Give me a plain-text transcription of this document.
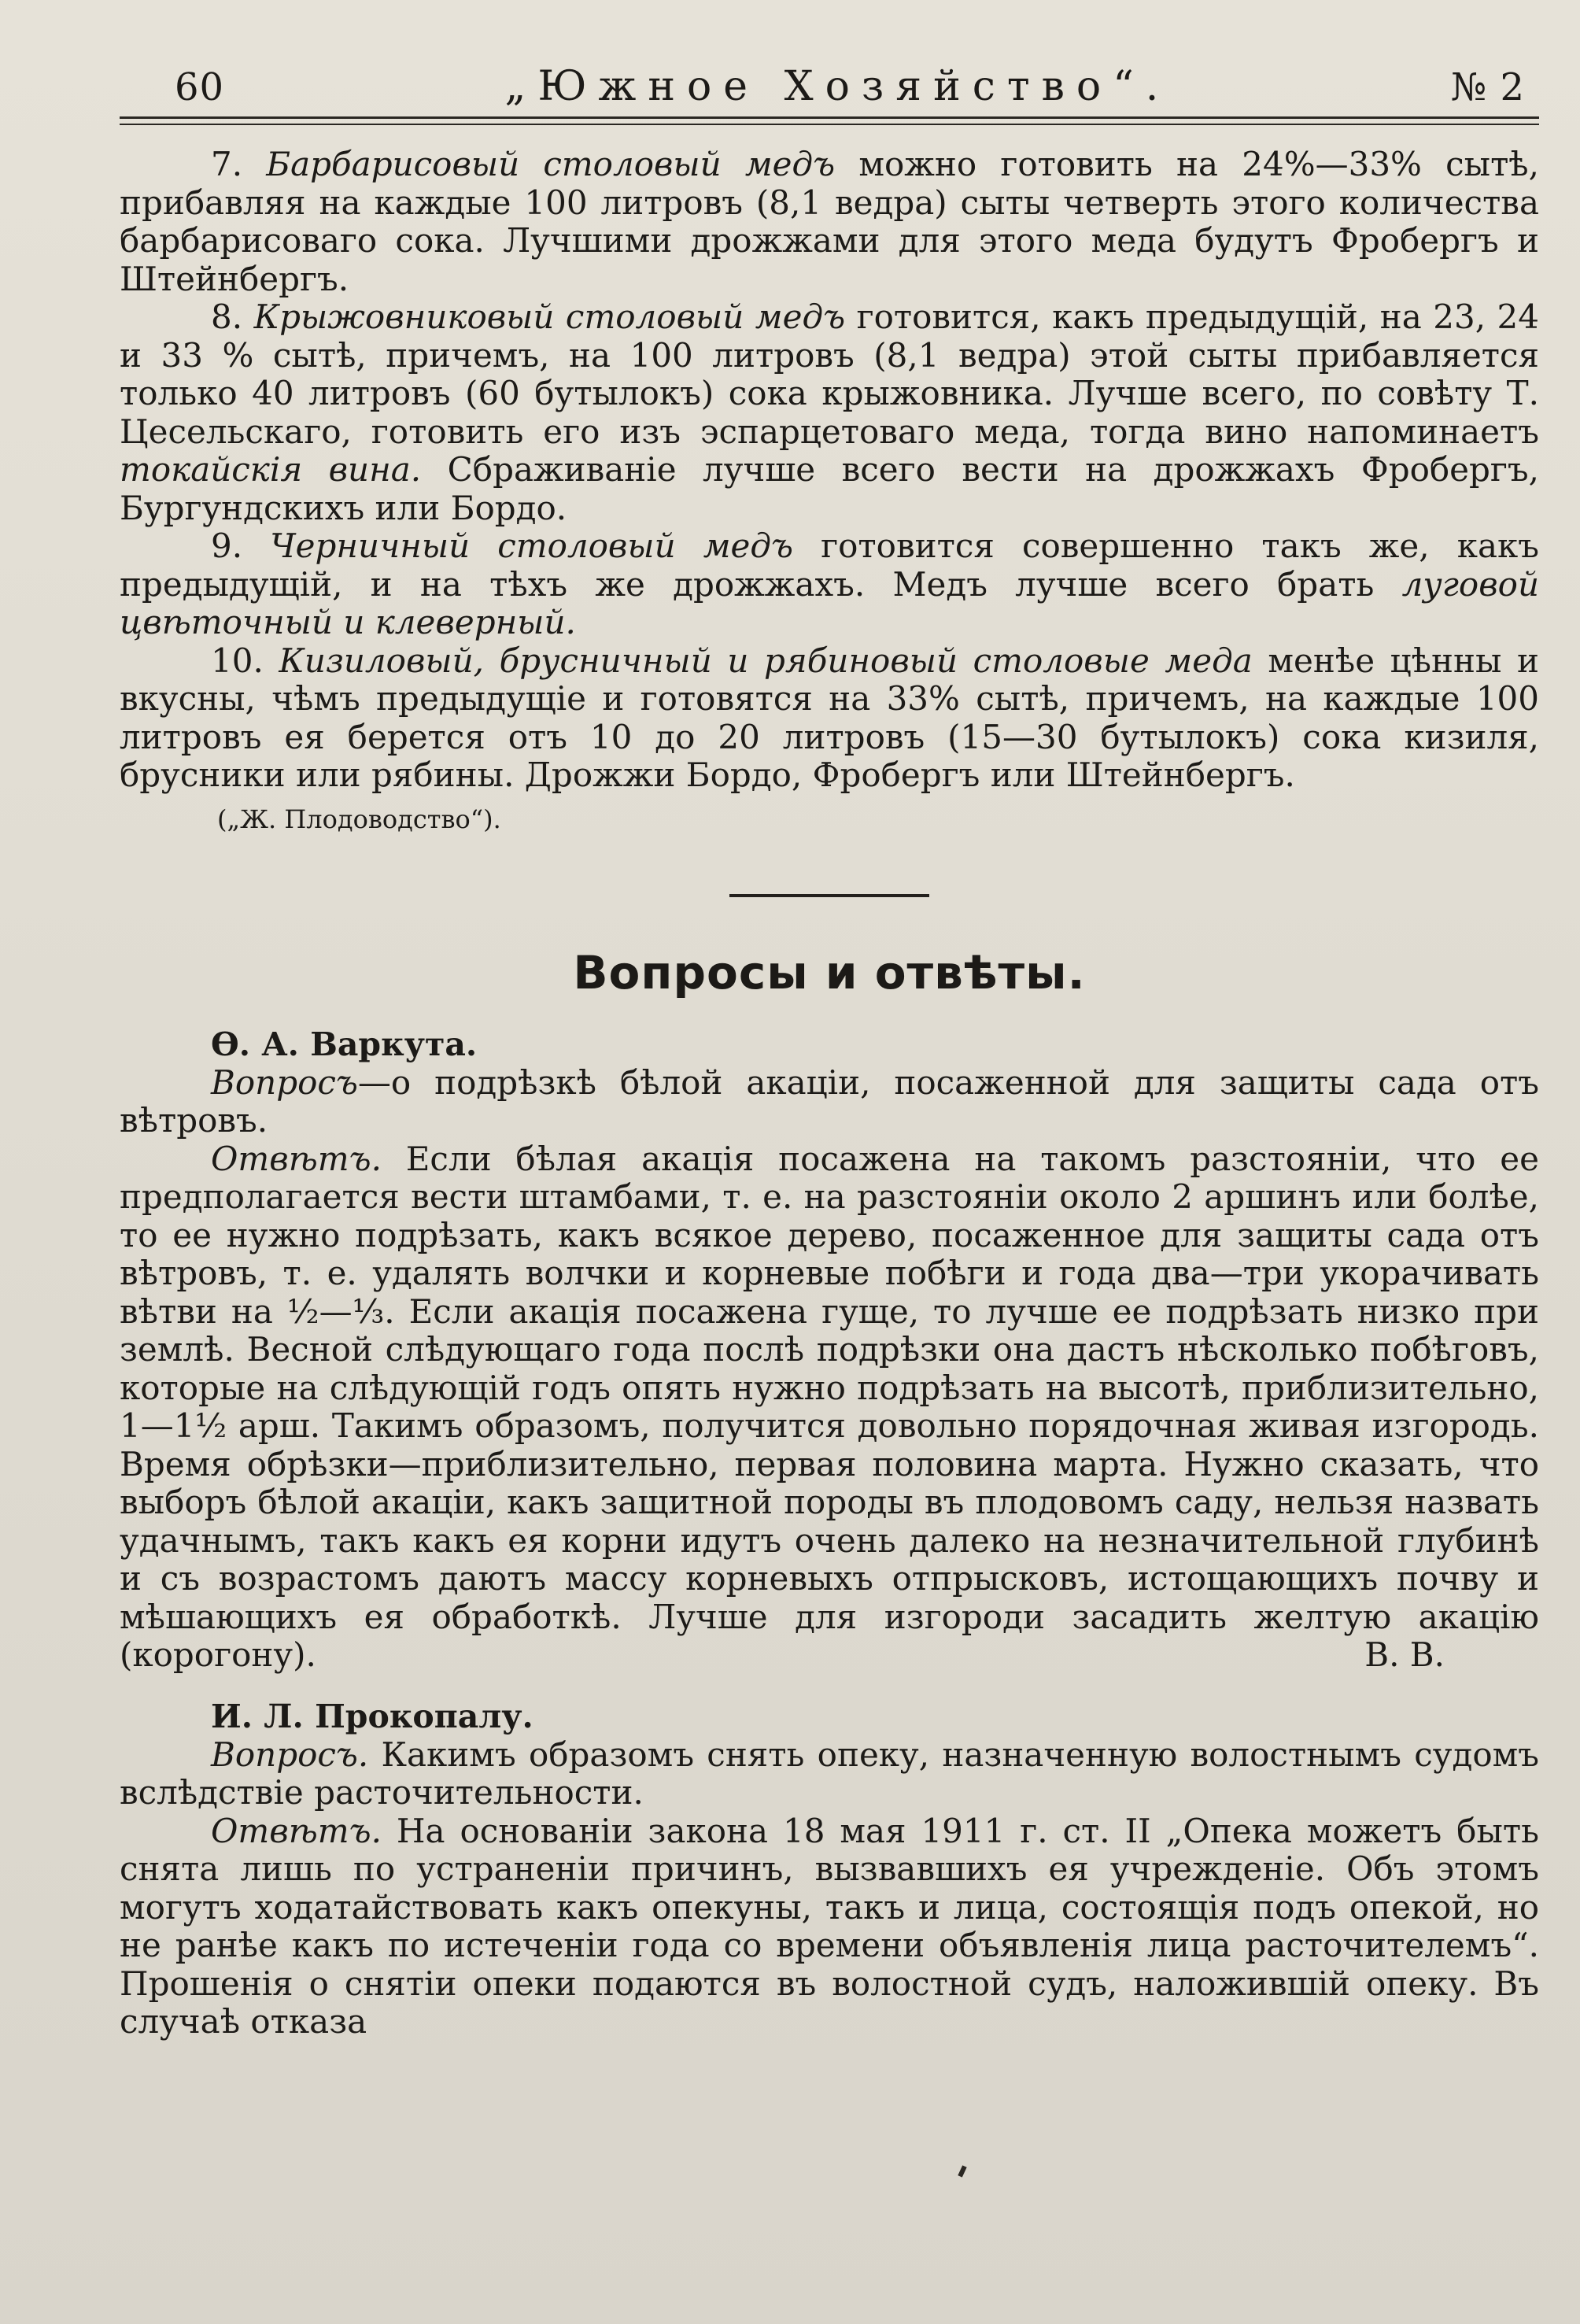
60	„Южное Хозяйство“.	№ 2

7. Барбарисовый столовый медъ можно готовить на 24%—33% сытѣ, прибавляя на каждые 100 литровъ (8,1 ведра) сыты четверть этого количества барбарисоваго сока. Лучшими дрожжами для этого меда будутъ Фробергъ и Штейнбергъ.

8. Крыжовниковый столовый медъ готовится, какъ предыдущій, на 23, 24 и 33 % сытѣ, причемъ, на 100 литровъ (8,1 ведра) этой сыты прибавляется только 40 литровъ (60 бутылокъ) сока крыжовника. Лучше всего, по совѣту Т. Цесельскаго, готовить его изъ эспарцетоваго меда, тогда вино напоминаетъ токайскія вина. Сбраживаніе лучше всего вести на дрожжахъ Фробергъ, Бургундскихъ или Бордо.

9. Черничный столовый медъ готовится совершенно такъ же, какъ предыдущій, и на тѣхъ же дрожжахъ. Медъ лучше всего брать луговой цвѣточный и клеверный.

10. Кизиловый, брусничный и рябиновый столовые меда менѣе цѣнны и вкусны, чѣмъ предыдущіе и готовятся на 33% сытѣ, причемъ, на каждые 100 литровъ ея берется отъ 10 до 20 литровъ (15—30 бутылокъ) сока кизиля, брусники или рябины. Дрожжи Бордо, Фробергъ или Штейнбергъ.

(„Ж. Плодоводство“).
Вопросы и отвѣты.

Ѳ. А. Варкута.

Вопросъ—о подрѣзкѣ бѣлой акаціи, посаженной для защиты сада отъ вѣтровъ.

Отвѣтъ. Если бѣлая акація посажена на такомъ разстояніи, что ее предполагается вести штамбами, т. е. на разстояніи около 2 аршинъ или болѣе, то ее нужно подрѣзать, какъ всякое дерево, посаженное для защиты сада отъ вѣтровъ, т. е. удалять волчки и корневые побѣги и года два—три укорачивать вѣтви на ½—⅓. Если акація посажена гуще, то лучше ее подрѣзать низко при землѣ. Весной слѣдующаго года послѣ подрѣзки она дастъ нѣсколько побѣговъ, которые на слѣдующій годъ опять нужно подрѣзать на высотѣ, приблизительно, 1—1½ арш. Такимъ образомъ, получится довольно порядочная живая изгородь. Время обрѣзки—приблизительно, первая половина марта. Нужно сказать, что выборъ бѣлой акаціи, какъ защитной породы въ плодовомъ саду, нельзя назвать удачнымъ, такъ какъ ея корни идутъ очень далеко на незначительной глубинѣ и съ возрастомъ даютъ массу корневыхъ отпрысковъ, истощающихъ почву и мѣшающихъ ея обработкѣ. Лучше для изгороди засадить желтую акацію (корогону).	В. В.

И. Л. Прокопалу.

Вопросъ. Какимъ образомъ снять опеку, назначенную волостнымъ судомъ вслѣдствіе расточительности.

Отвѣтъ. На основаніи закона 18 мая 1911 г. ст. II „Опека можетъ быть снята лишь по устраненіи причинъ, вызвавшихъ ея учрежденіе. Объ этомъ могутъ ходатайствовать какъ опекуны, такъ и лица, состоящія подъ опекой, но не ранѣе какъ по истеченіи года со времени объявленія лица расточителемъ“. Прошенія о снятіи опеки подаются въ волостной судъ, наложившій опеку. Въ случаѣ отказа
